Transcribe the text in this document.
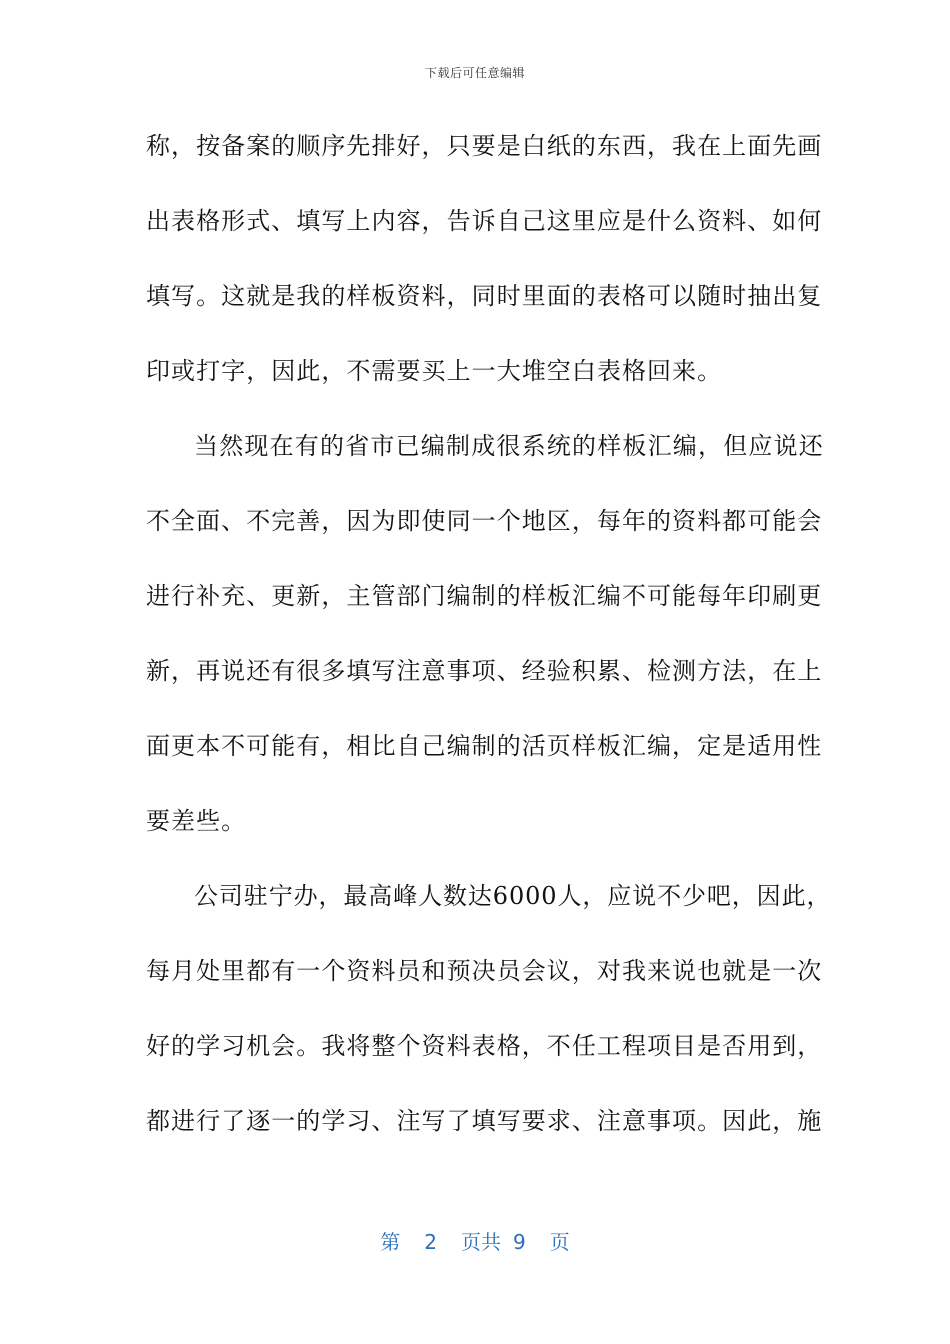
下载后可任意编辑
称，按备案的顺序先排好，只要是白纸的东西，我在上面先画
出表格形式、填写上内容，告诉自己这里应是什么资料、如何
填写。这就是我的样板资料，同时里面的表格可以随时抽出复
印或打字，因此，不需要买上一大堆空白表格回来。
当然现在有的省市已编制成很系统的样板汇编，但应说还
不全面、不完善，因为即使同一个地区，每年的资料都可能会
进行补充、更新，主管部门编制的样板汇编不可能每年印刷更
新，再说还有很多填写注意事项、经验积累、检测方法，在上
面更本不可能有，相比自己编制的活页样板汇编，定是适用性
要差些。
公司驻宁办，最高峰人数达6000人，应说不少吧，因此，
每月处里都有一个资料员和预决员会议，对我来说也就是一次
好的学习机会。我将整个资料表格，不任工程项目是否用到，
都进行了逐一的学习、注写了填写要求、注意事项。因此，施
第 2 页共 9 页
